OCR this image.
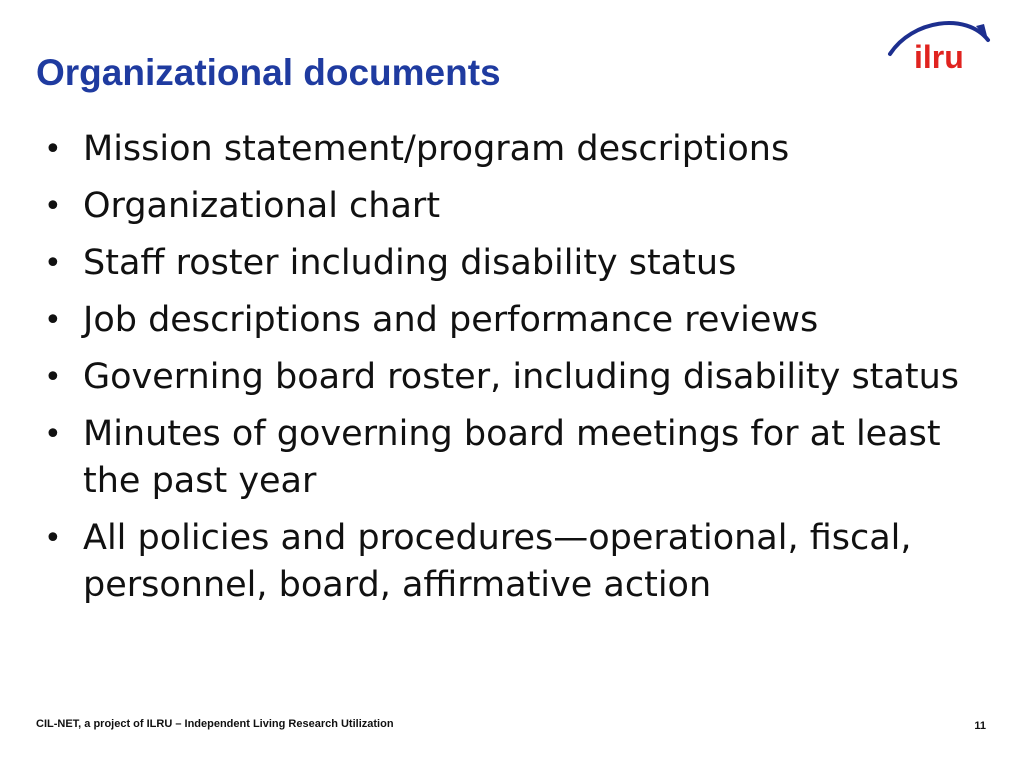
Organizational documents	ilru
• Mission statement/program descriptions
• Organizational chart
• Staff roster including disability status
• Job descriptions and performance reviews
• Governing board roster, including disability status
• Minutes of governing board meetings for at least the past year
• All policies and procedures—operational, fiscal, personnel, board, affirmative action
CIL-NET, a project of ILRU – Independent Living Research Utilization	11
